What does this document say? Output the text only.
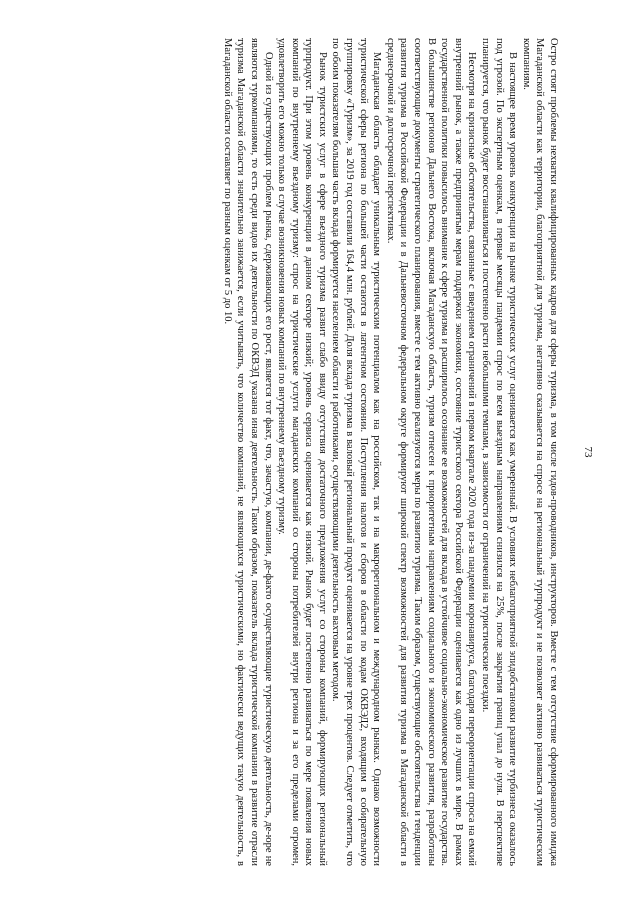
73

Остро стоят проблемы нехватки квалифицированных кадров для сферы туризма, в том числе гидов-проводников, инструкторов. Вместе с тем отсутствие сформированного имиджа Магаданской области как территории, благоприятной для туризма, негативно сказывается на спросе на региональный турпродукт и не позволяет активно развиваться туристическим компаниям.

В настоящее время уровень конкуренции на рынке туристических услуг оценивается как умеренный. В условиях неблагоприятной эпидобстановки развитие турбизнеса оказалось под угрозой. По экспертным оценкам, в первые месяцы пандемии спрос по всем выездным направлениям снизился на 25%, после закрытия границ упал до нуля. В перспективе планируется, что рынок будет восстанавливаться и постепенно расти небольшими темпами, в зависимости от ограничений на туристические поездки.

Несмотря на кризисные обстоятельства, связанные с введением ограничений в первом квартале 2020 года из-за пандемии коронавируса, благодаря переориентации спроса на емкий внутренний рынок, а также предпринятым мерам поддержки экономики, состояние туристского сектора Российской Федерации оценивается как одно из лучших в мире. В рамках государственной политики повысилось внимание к сфере туризма и расширилось осознание ее возможностей для вклада в устойчивое социально-экономическое развитие государства. В большинстве регионов Дальнего Востока, включая Магаданскую область, туризм отнесен к приоритетным направлениям социального и экономического развития, разработаны соответствующие документы стратегического планирования, вместе с тем активно реализуются меры по развитию туризма. Таким образом, существующие обстоятельства и тенденции развития туризма в Российской Федерации и в Дальневосточном федеральном округе формируют широкий спектр возможностей для развития туризма в Магаданской области в среднесрочной и долгосрочной перспективах.

Магаданская область обладает уникальным туристическим потенциалом как на российском, так и на макрорегиональном и международном рынках. Однако возможности туристической сферы региона по большей части остаются в латентном состоянии. Поступления налогов и сборов в области по кодам ОКВЭД2, входящим в собирательную группировку «Туризм», за 2019 год составили 164,4 млн. рублей. Доля вклада туризма в валовый региональный продукт оценивается на уровне трех процентов. Следует отметить, что по обоим показателям большая часть вклада формируется населением области и работниками, осуществляющими деятельность вахтовым методом.

Рынок туристских услуг в сфере въездного туризма развит слабо ввиду отсутствия достаточного предложения услуг со стороны компаний, формирующих региональный турпродукт. При этом уровень конкуренции в данном секторе низкий; уровень сервиса оценивается как низкий. Рынок будет постепенно развиваться по мере появления новых компаний по внутреннему въездному туризму: спрос на туристические услуги магаданских компаний со стороны потребителей внутри региона и за его пределами огромен, удовлетворить его можно только в случае возникновения новых компаний по внутреннему въездному туризму.

Одной из существующих проблем рынка, сдерживающих его рост, является тот факт, что, зачастую, компании, де-факто осуществляющие туристическую деятельность, де-юре не являются туркомпаниями, то есть среди видов их деятельности по ОКВЭД указана иная деятельность. Таким образом, показатель вклада туристической компании в развитие отрасли туризма Магаданской области значительно занижается, если учитывать, что количество компаний, не являющихся туристическими, но фактически ведущих такую деятельность, в Магаданской области составляет по разным оценкам от 5 до 10.
